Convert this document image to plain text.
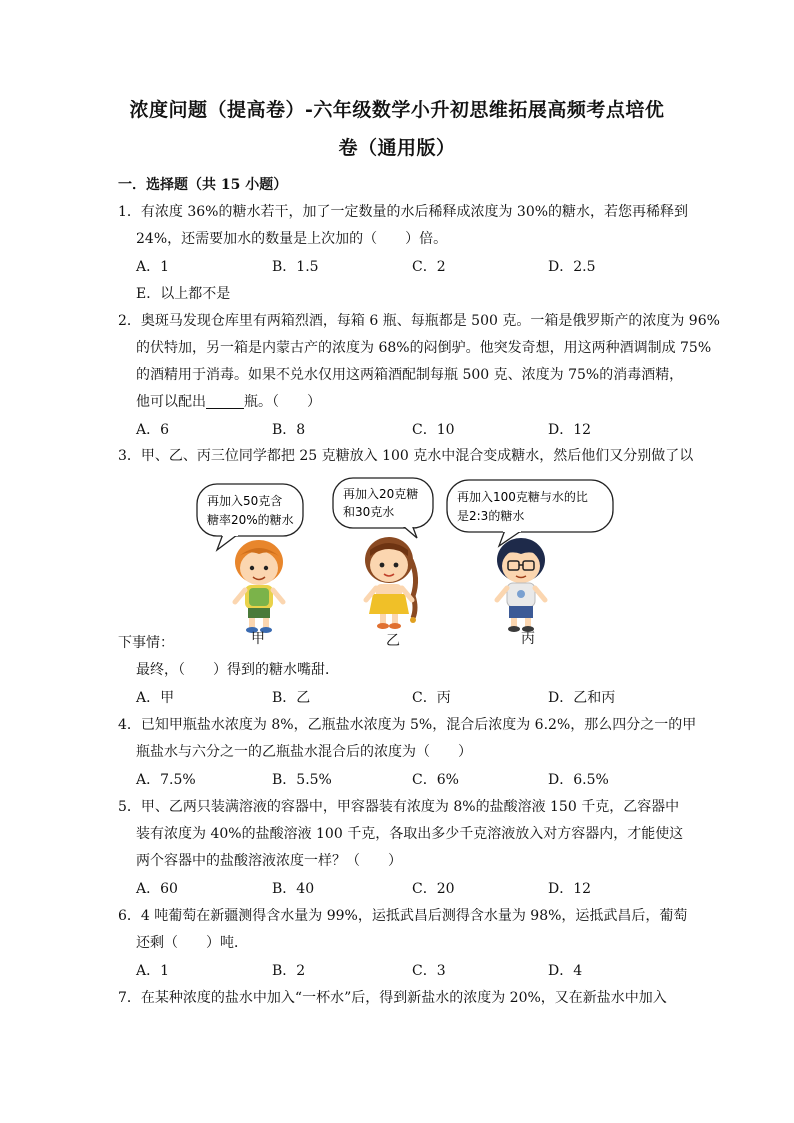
浓度问题（提高卷）-六年级数学小升初思维拓展高频考点培优
卷（通用版）
一．选择题（共 15 小题）
1．有浓度 36%的糖水若干，加了一定数量的水后稀释成浓度为 30%的糖水，若您再稀释到
24%，还需要加水的数量是上次加的（　　）倍。
A．1	B．1.5	C．2	D．2.5
E．以上都不是
2．奥斑马发现仓库里有两箱烈酒，每箱 6 瓶、每瓶都是 500 克。一箱是俄罗斯产的浓度为 96%
的伏特加，另一箱是内蒙古产的浓度为 68%的闷倒驴。他突发奇想，用这两种酒调制成 75%
的酒精用于消毒。如果不兑水仅用这两箱酒配制每瓶 500 克、浓度为 75%的消毒酒精，
他可以配出	瓶。（　　）
A．6	B．8	C．10	D．12
3．甲、乙、丙三位同学都把 25 克糖放入 100 克水中混合变成糖水，然后他们又分别做了以
再加入50克含
糖率20%的糖水
再加入20克糖
和30克水
再加入100克糖与水的比
是2:3的糖水
下事情：	甲	乙	丙
最终，（　　）得到的糖水嘴甜．
A．甲	B．乙	C．丙	D．乙和丙
4．已知甲瓶盐水浓度为 8%，乙瓶盐水浓度为 5%，混合后浓度为 6.2%，那么四分之一的甲
瓶盐水与六分之一的乙瓶盐水混合后的浓度为（　　）
A．7.5%	B．5.5%	C．6%	D．6.5%
5．甲、乙两只装满溶液的容器中，甲容器装有浓度为 8%的盐酸溶液 150 千克，乙容器中
装有浓度为 40%的盐酸溶液 100 千克，各取出多少千克溶液放入对方容器内，才能使这
两个容器中的盐酸溶液浓度一样？（　　）
A．60	B．40	C．20	D．12
6．4 吨葡萄在新疆测得含水量为 99%，运抵武昌后测得含水量为 98%，运抵武昌后，葡萄
还剩（　　）吨．
A．1	B．2	C．3	D．4
7．在某种浓度的盐水中加入“一杯水”后，得到新盐水的浓度为 20%，又在新盐水中加入
